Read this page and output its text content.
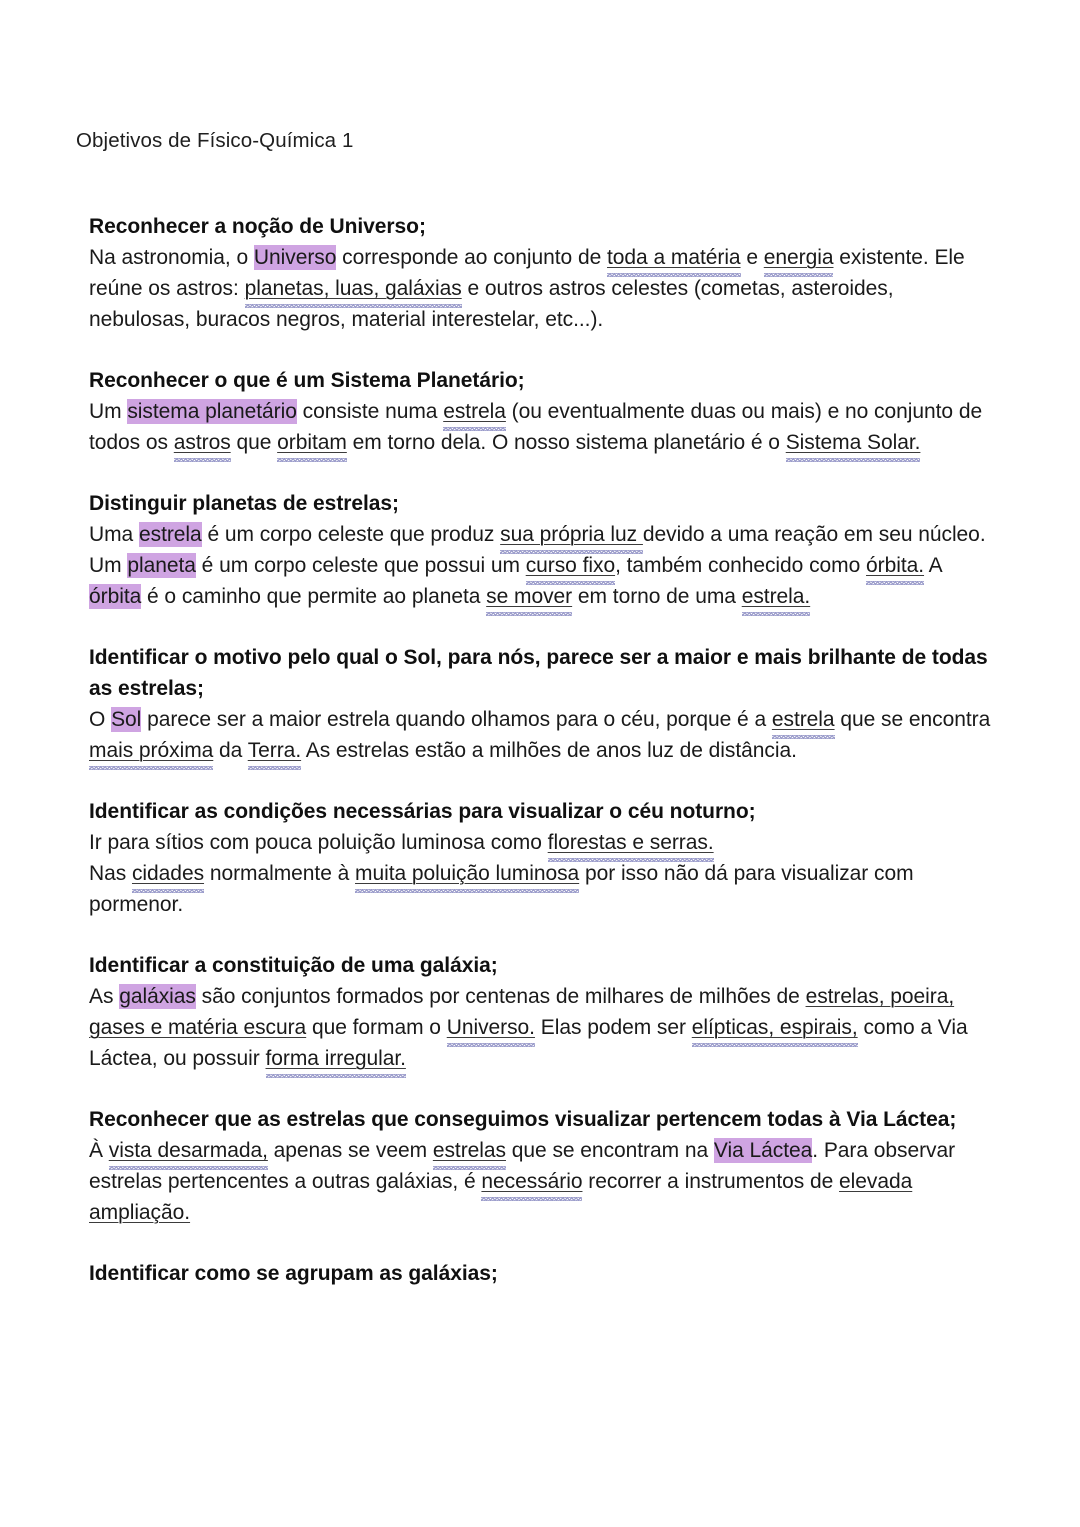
Objetivos de Físico-Química 1

Reconhecer a noção de Universo;

Na astronomia, o Universo corresponde ao conjunto de toda a matéria e energia existente. Ele reúne os astros: planetas, luas, galáxias e outros astros celestes (cometas, asteroides, nebulosas, buracos negros, material interestelar, etc...).

Reconhecer o que é um Sistema Planetário;

Um sistema planetário consiste numa estrela (ou eventualmente duas ou mais) e no conjunto de todos os astros que orbitam em torno dela. O nosso sistema planetário é o Sistema Solar.

Distinguir planetas de estrelas;

Uma estrela é um corpo celeste que produz sua própria luz devido a uma reação em seu núcleo.
Um planeta é um corpo celeste que possui um curso fixo, também conhecido como órbita. A órbita é o caminho que permite ao planeta se mover em torno de uma estrela.

Identificar o motivo pelo qual o Sol, para nós, parece ser a maior e mais brilhante de todas as estrelas;

O Sol parece ser a maior estrela quando olhamos para o céu, porque é a estrela que se encontra mais próxima da Terra. As estrelas estão a milhões de anos luz de distância.

Identificar as condições necessárias para visualizar o céu noturno;

Ir para sítios com pouca poluição luminosa como florestas e serras.
Nas cidades normalmente à muita poluição luminosa por isso não dá para visualizar com pormenor.

Identificar a constituição de uma galáxia;

As galáxias são conjuntos formados por centenas de milhares de milhões de estrelas, poeira, gases e matéria escura que formam o Universo. Elas podem ser elípticas, espirais, como a Via Láctea, ou possuir forma irregular.

Reconhecer que as estrelas que conseguimos visualizar pertencem todas à Via Láctea;

À vista desarmada, apenas se veem estrelas que se encontram na Via Láctea. Para observar estrelas pertencentes a outras galáxias, é necessário recorrer a instrumentos de elevada ampliação.

Identificar como se agrupam as galáxias;
